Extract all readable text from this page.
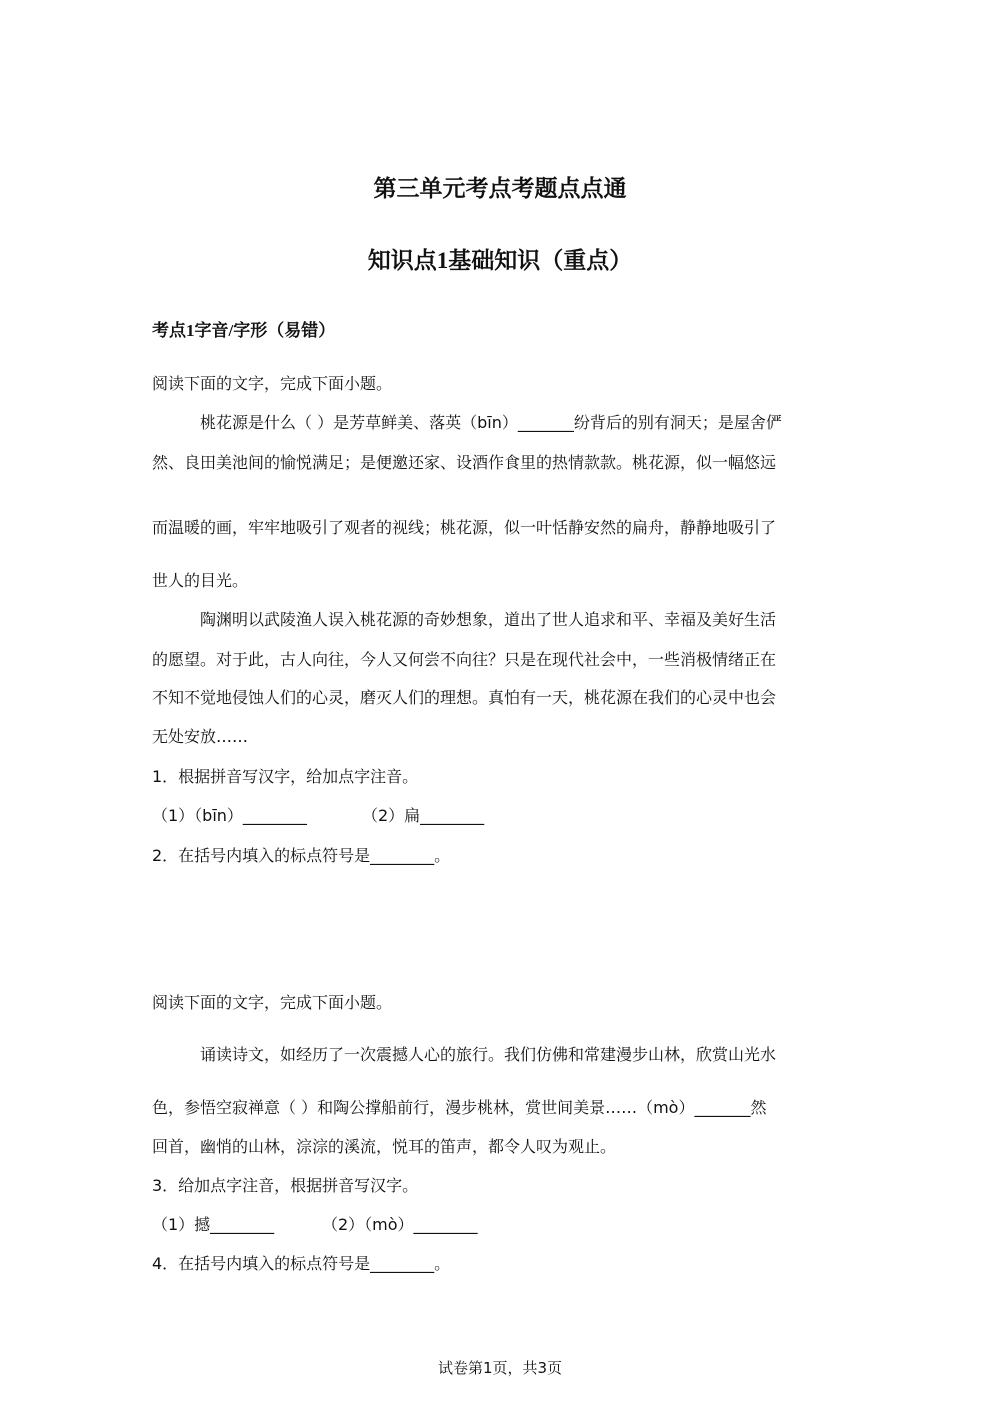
第三单元考点考题点点通
知识点1基础知识（重点）
考点1字音/字形（易错）
阅读下面的文字，完成下面小题。
桃花源是什么（ ）是芳草鲜美、落英（bīn）_______纷背后的别有洞天；是屋舍俨
然、良田美池间的愉悦满足；是便邀还家、设酒作食里的热情款款。桃花源，似一幅悠远
而温暖的画，牢牢地吸引了观者的视线；桃花源，似一叶恬静安然的扁舟，静静地吸引了
世人的目光。
陶渊明以武陵渔人误入桃花源的奇妙想象，道出了世人追求和平、幸福及美好生活
的愿望。对于此，古人向往，今人又何尝不向往？只是在现代社会中，一些消极情绪正在
不知不觉地侵蚀人们的心灵，磨灭人们的理想。真怕有一天，桃花源在我们的心灵中也会
无处安放……
1．根据拼音写汉字，给加点字注音。
（1）（bīn）________	（2）扁________
2．在括号内填入的标点符号是________。
阅读下面的文字，完成下面小题。
诵读诗文，如经历了一次震撼人心的旅行。我们仿佛和常建漫步山林，欣赏山光水
色，参悟空寂禅意（ ）和陶公撑船前行，漫步桃林，赏世间美景……（mò）_______然
回首，幽悄的山林，淙淙的溪流，悦耳的笛声，都令人叹为观止。
3．给加点字注音，根据拼音写汉字。
（1）撼________	（2）（mò）________
4．在括号内填入的标点符号是________。
试卷第1页，共3页
